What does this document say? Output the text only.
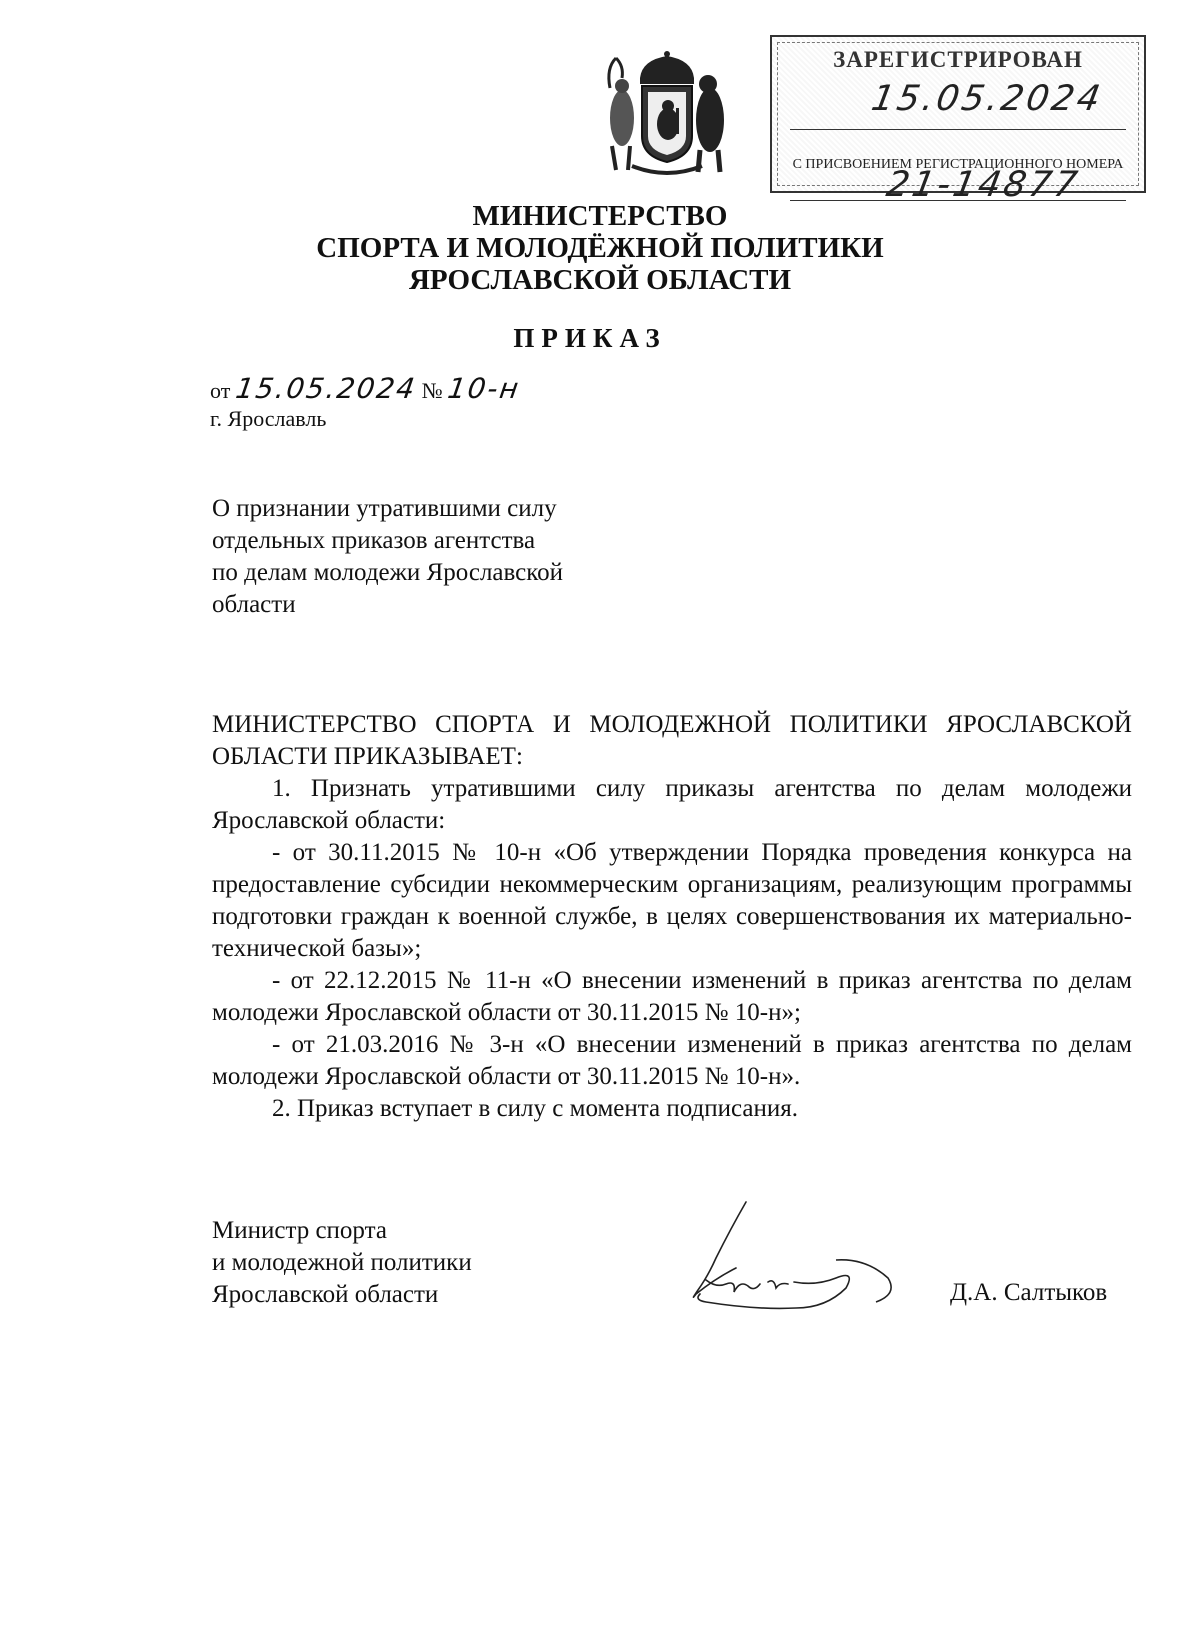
ЗАРЕГИСТРИРОВАН
15.05.2024
С ПРИСВОЕНИЕМ РЕГИСТРАЦИОННОГО НОМЕРА
21-14877
МИНИСТЕРСТВО
СПОРТА И МОЛОДЁЖНОЙ ПОЛИТИКИ
ЯРОСЛАВСКОЙ ОБЛАСТИ
ПРИКАЗ
от 15.05.2024 № 10-н
г. Ярославль
О признании утратившими силу
отдельных приказов агентства
по делам молодежи Ярославской
области

МИНИСТЕРСТВО СПОРТА И МОЛОДЕЖНОЙ ПОЛИТИКИ ЯРОСЛАВСКОЙ ОБЛАСТИ ПРИКАЗЫВАЕТ:

1. Признать утратившими силу приказы агентства по делам молодежи Ярославской области:

- от 30.11.2015 № 10-н «Об утверждении Порядка проведения конкурса на предоставление субсидии некоммерческим организациям, реализующим программы подготовки граждан к военной службе, в целях совершенствования их материально-технической базы»;

- от 22.12.2015 № 11-н «О внесении изменений в приказ агентства по делам молодежи Ярославской области от 30.11.2015 № 10-н»;

- от 21.03.2016 № 3-н «О внесении изменений в приказ агентства по делам молодежи Ярославской области от 30.11.2015 № 10-н».

2. Приказ вступает в силу с момента подписания.

Министр спорта
и молодежной политики
Ярославской области	Д.А. Салтыков
